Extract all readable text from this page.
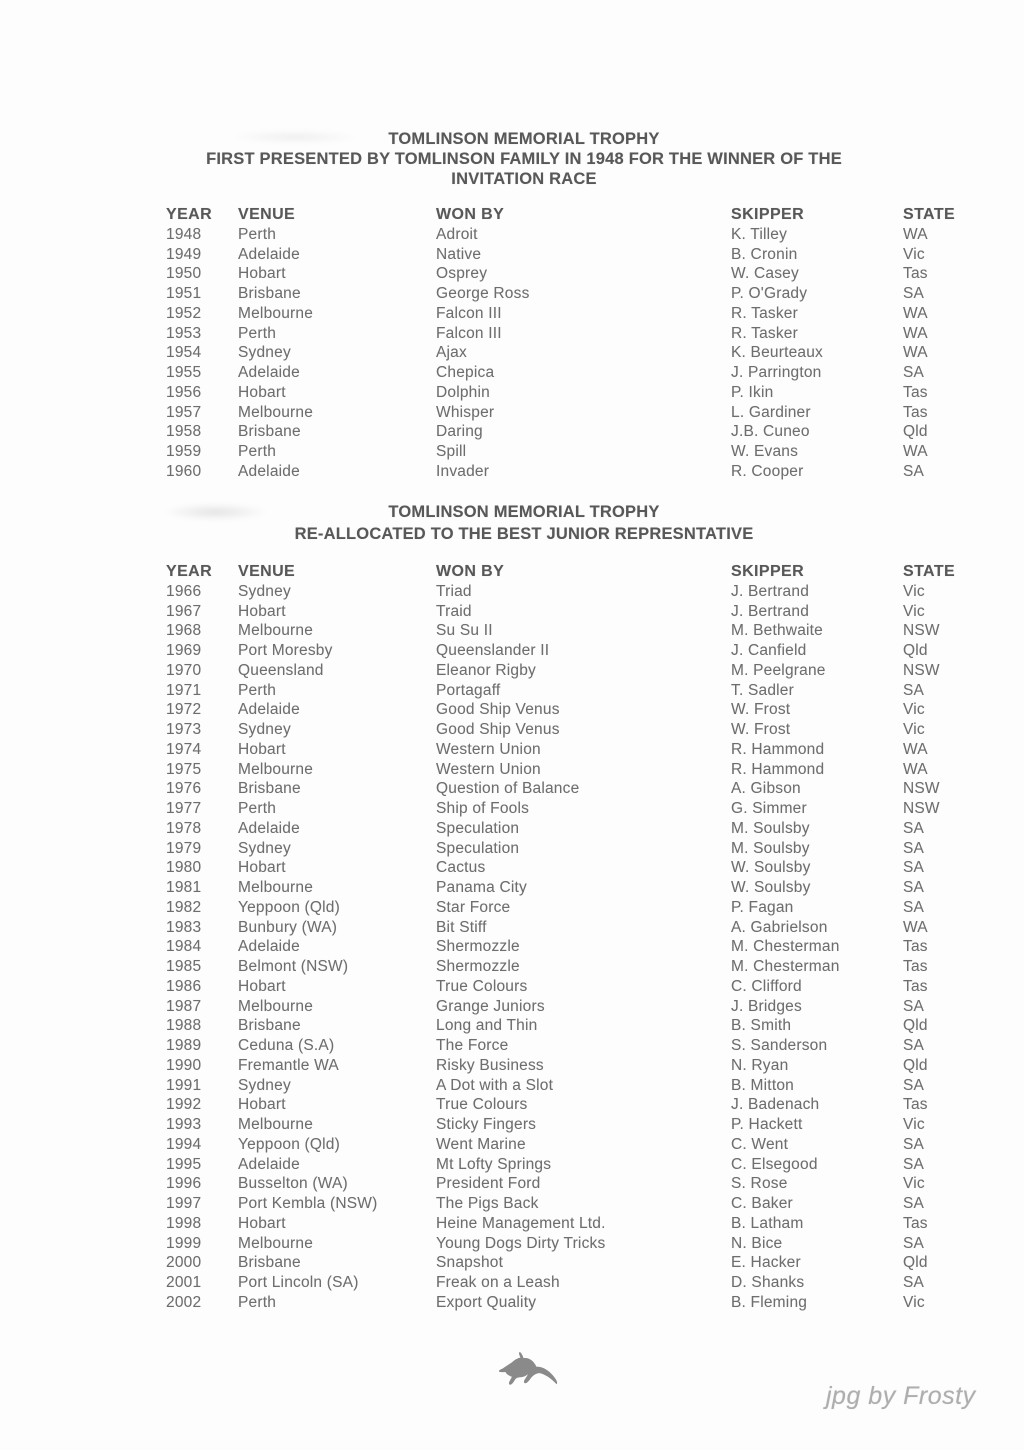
TOMLINSON MEMORIAL TROPHY
FIRST PRESENTED BY TOMLINSON FAMILY IN 1948 FOR THE WINNER OF THE
INVITATION RACE
YEAR	VENUE	WON BY	SKIPPER	STATE
1948	Perth	Adroit	K. Tilley	WA
1949	Adelaide	Native	B. Cronin	Vic
1950	Hobart	Osprey	W. Casey	Tas
1951	Brisbane	George Ross	P. O'Grady	SA
1952	Melbourne	Falcon III	R. Tasker	WA
1953	Perth	Falcon III	R. Tasker	WA
1954	Sydney	Ajax	K. Beurteaux	WA
1955	Adelaide	Chepica	J. Parrington	SA
1956	Hobart	Dolphin	P. Ikin	Tas
1957	Melbourne	Whisper	L. Gardiner	Tas
1958	Brisbane	Daring	J.B. Cuneo	Qld
1959	Perth	Spill	W. Evans	WA
1960	Adelaide	Invader	R. Cooper	SA
TOMLINSON MEMORIAL TROPHY
RE-ALLOCATED TO THE BEST JUNIOR REPRESNTATIVE
YEAR	VENUE	WON BY	SKIPPER	STATE
1966	Sydney	Triad	J. Bertrand	Vic
1967	Hobart	Traid	J. Bertrand	Vic
1968	Melbourne	Su Su II	M. Bethwaite	NSW
1969	Port Moresby	Queenslander II	J. Canfield	Qld
1970	Queensland	Eleanor Rigby	M. Peelgrane	NSW
1971	Perth	Portagaff	T. Sadler	SA
1972	Adelaide	Good Ship Venus	W. Frost	Vic
1973	Sydney	Good Ship Venus	W. Frost	Vic
1974	Hobart	Western Union	R. Hammond	WA
1975	Melbourne	Western Union	R. Hammond	WA
1976	Brisbane	Question of Balance	A. Gibson	NSW
1977	Perth	Ship of Fools	G. Simmer	NSW
1978	Adelaide	Speculation	M. Soulsby	SA
1979	Sydney	Speculation	M. Soulsby	SA
1980	Hobart	Cactus	W. Soulsby	SA
1981	Melbourne	Panama City	W. Soulsby	SA
1982	Yeppoon (Qld)	Star Force	P. Fagan	SA
1983	Bunbury (WA)	Bit Stiff	A. Gabrielson	WA
1984	Adelaide	Shermozzle	M. Chesterman	Tas
1985	Belmont (NSW)	Shermozzle	M. Chesterman	Tas
1986	Hobart	True Colours	C. Clifford	Tas
1987	Melbourne	Grange Juniors	J. Bridges	SA
1988	Brisbane	Long and Thin	B. Smith	Qld
1989	Ceduna (S.A)	The Force	S. Sanderson	SA
1990	Fremantle WA	Risky Business	N. Ryan	Qld
1991	Sydney	A Dot with a Slot	B. Mitton	SA
1992	Hobart	True Colours	J. Badenach	Tas
1993	Melbourne	Sticky Fingers	P. Hackett	Vic
1994	Yeppoon (Qld)	Went Marine	C. Went	SA
1995	Adelaide	Mt Lofty Springs	C. Elsegood	SA
1996	Busselton (WA)	President Ford	S. Rose	Vic
1997	Port Kembla (NSW)	The Pigs Back	C. Baker	SA
1998	Hobart	Heine Management Ltd.	B. Latham	Tas
1999	Melbourne	Young Dogs Dirty Tricks	N. Bice	SA
2000	Brisbane	Snapshot	E. Hacker	Qld
2001	Port Lincoln (SA)	Freak on a Leash	D. Shanks	SA
2002	Perth	Export Quality	B. Fleming	Vic
jpg by Frosty
